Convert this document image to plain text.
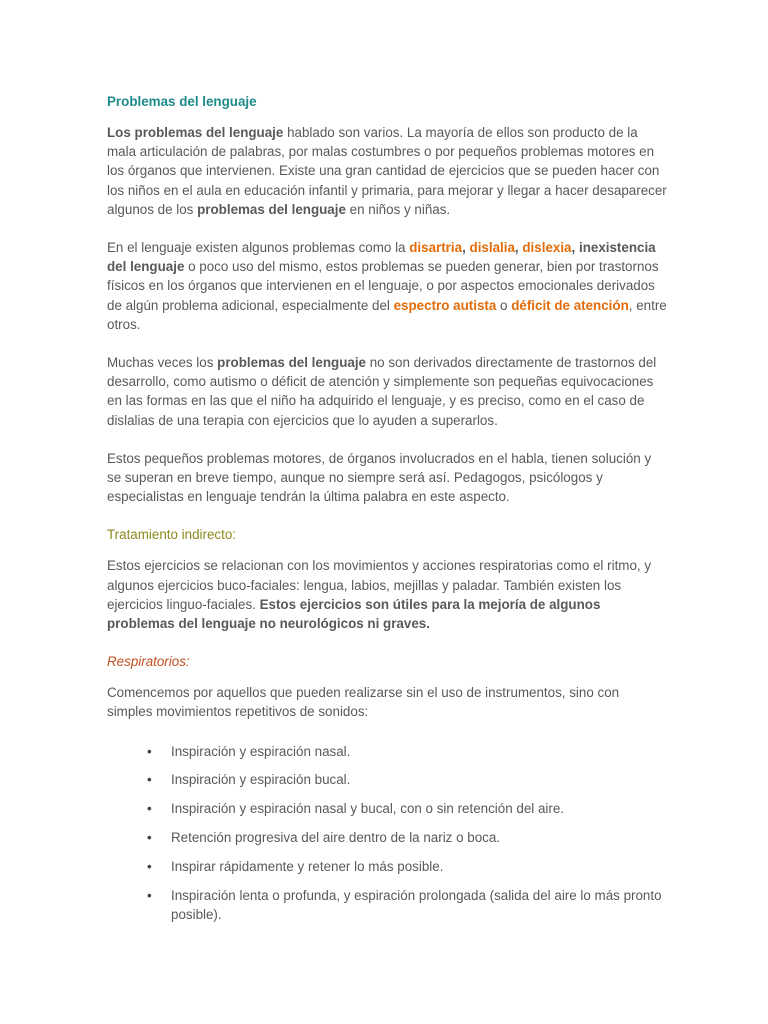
Problemas del lenguaje

Los problemas del lenguaje hablado son varios. La mayoría de ellos son producto de la mala articulación de palabras, por malas costumbres o por pequeños problemas motores en los órganos que intervienen. Existe una gran cantidad de ejercicios que se pueden hacer con los niños en el aula en educación infantil y primaria, para mejorar y llegar a hacer desaparecer algunos de los problemas del lenguaje en niños y niñas.

En el lenguaje existen algunos problemas como la disartria, dislalia, dislexia, inexistencia del lenguaje o poco uso del mismo, estos problemas se pueden generar, bien por trastornos físicos en los órganos que intervienen en el lenguaje, o por aspectos emocionales derivados de algún problema adicional, especialmente del espectro autista o déficit de atención, entre otros.

Muchas veces los problemas del lenguaje no son derivados directamente de trastornos del desarrollo, como autismo o déficit de atención y simplemente son pequeñas equivocaciones en las formas en las que el niño ha adquirido el lenguaje, y es preciso, como en el caso de dislalias de una terapia con ejercicios que lo ayuden a superarlos.

Estos pequeños problemas motores, de órganos involucrados en el habla, tienen solución y se superan en breve tiempo, aunque no siempre será así. Pedagogos, psicólogos y especialistas en lenguaje tendrán la última palabra en este aspecto.

Tratamiento indirecto:

Estos ejercicios se relacionan con los movimientos y acciones respiratorias como el ritmo, y algunos ejercicios buco-faciales: lengua, labios, mejillas y paladar. También existen los ejercicios linguo-faciales. Estos ejercicios son útiles para la mejoría de algunos problemas del lenguaje no neurológicos ni graves.

Respiratorios:

Comencemos por aquellos que pueden realizarse sin el uso de instrumentos, sino con simples movimientos repetitivos de sonidos:

• Inspiración y espiración nasal.
• Inspiración y espiración bucal.
• Inspiración y espiración nasal y bucal, con o sin retención del aire.
• Retención progresiva del aire dentro de la nariz o boca.
• Inspirar rápidamente y retener lo más posible.
• Inspiración lenta o profunda, y espiración prolongada (salida del aire lo más pronto posible).
